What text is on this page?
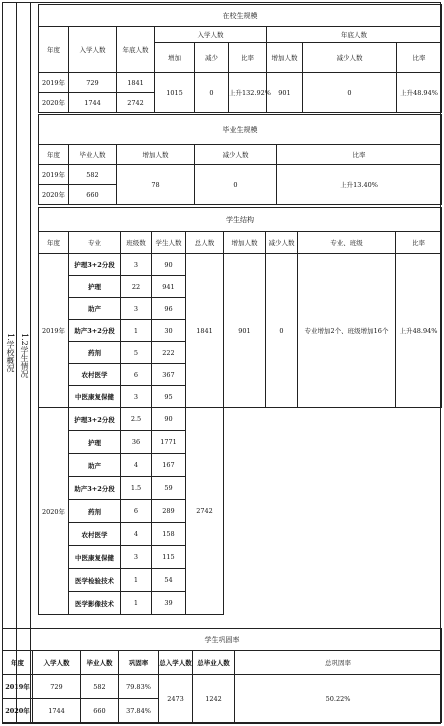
1.学校概况 1.2学生情况
在校生规模								
年度	入学人数	年底人数	入学人数			年底人数		
			增加	减少	比率	增加人数	减少人数	比率
2019年	729	1841	1015	0	上升132.92%	901	0	上升48.94%
2020年	1744	2742						
毕业生规模				
年度	毕业人数	增加人数	减少人数	比率
2019年	582	78	0	上升13.40%
2020年	660			
学生结构								
年度	专业	班级数	学生人数	总人数	增加人数	减少人数	专业、班级	比率
2019年	护理3+2分段	3	90	1841	901	0	专业增加2个、班级增加16个	上升48.94%
	护理	22	941					
	助产	3	96					
	助产3+2分段	1	30					
	药剂	5	222					
	农村医学	6	367					
	中医康复保健	3	95					
2020年	护理3+2分段	2.5	90	2742				
	护理	36	1771					
	助产	4	167					
	助产3+2分段	1.5	59					
	药剂	6	289					
	农村医学	4	158					
	中医康复保健	3	115					
	医学检验技术	1	54					
	医学影像技术	1	39					
学生巩固率						
年度	入学人数	毕业人数	巩固率	总入学人数	总毕业人数	总巩固率
2019年	729	582	79.83%	2473	1242	50.22%
2020年	1744	660	37.84%			
